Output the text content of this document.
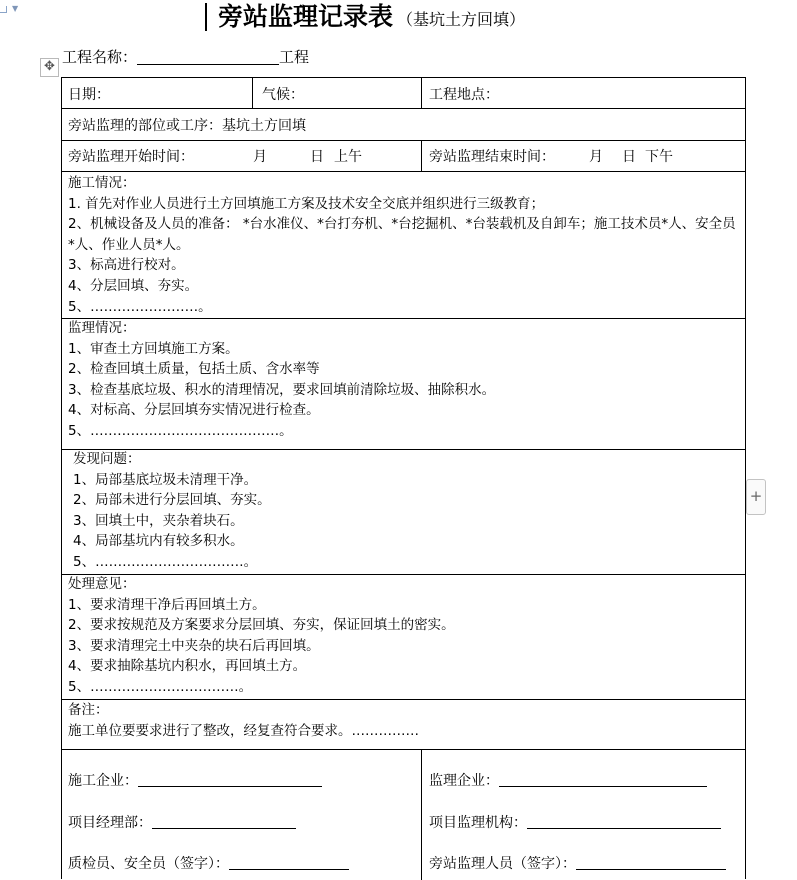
▼	旁站监理记录表 （基坑土方回填）
工程名称：	工程
✥
日期：	气候：	工程地点：
旁站监理的部位或工序：基坑土方回填
旁站监理开始时间：	月	日 上午	旁站监理结束时间： 月 日 下午
施工情况：
1. 首先对作业人员进行土方回填施工方案及技术安全交底并组织进行三级教育；
2、机械设备及人员的准备： *台水准仪、*台打夯机、*台挖掘机、*台装载机及自卸车；施工技术员*人、安全员*人、作业人员*人。
3、标高进行校对。
4、分层回填、夯实。
5、……………………。
监理情况：
1、审查土方回填施工方案。
2、检查回填土质量，包括土质、含水率等
3、检查基底垃圾、积水的清理情况，要求回填前清除垃圾、抽除积水。
4、对标高、分层回填夯实情况进行检查。
5、……………………………………。
发现问题：
1、局部基底垃圾未清理干净。
2、局部未进行分层回填、夯实。
3、回填土中，夹杂着块石。
4、局部基坑内有较多积水。
5、……………………………。
处理意见：
1、要求清理干净后再回填土方。
2、要求按规范及方案要求分层回填、夯实，保证回填土的密实。
3、要求清理完土中夹杂的块石后再回填。
4、要求抽除基坑内积水，再回填土方。
5、……………………………。
备注：
施工单位要要求进行了整改，经复查符合要求。……………
施工企业：	监理企业：
项目经理部：	项目监理机构：
质检员、安全员（签字）：	旁站监理人员（签字）：
+
